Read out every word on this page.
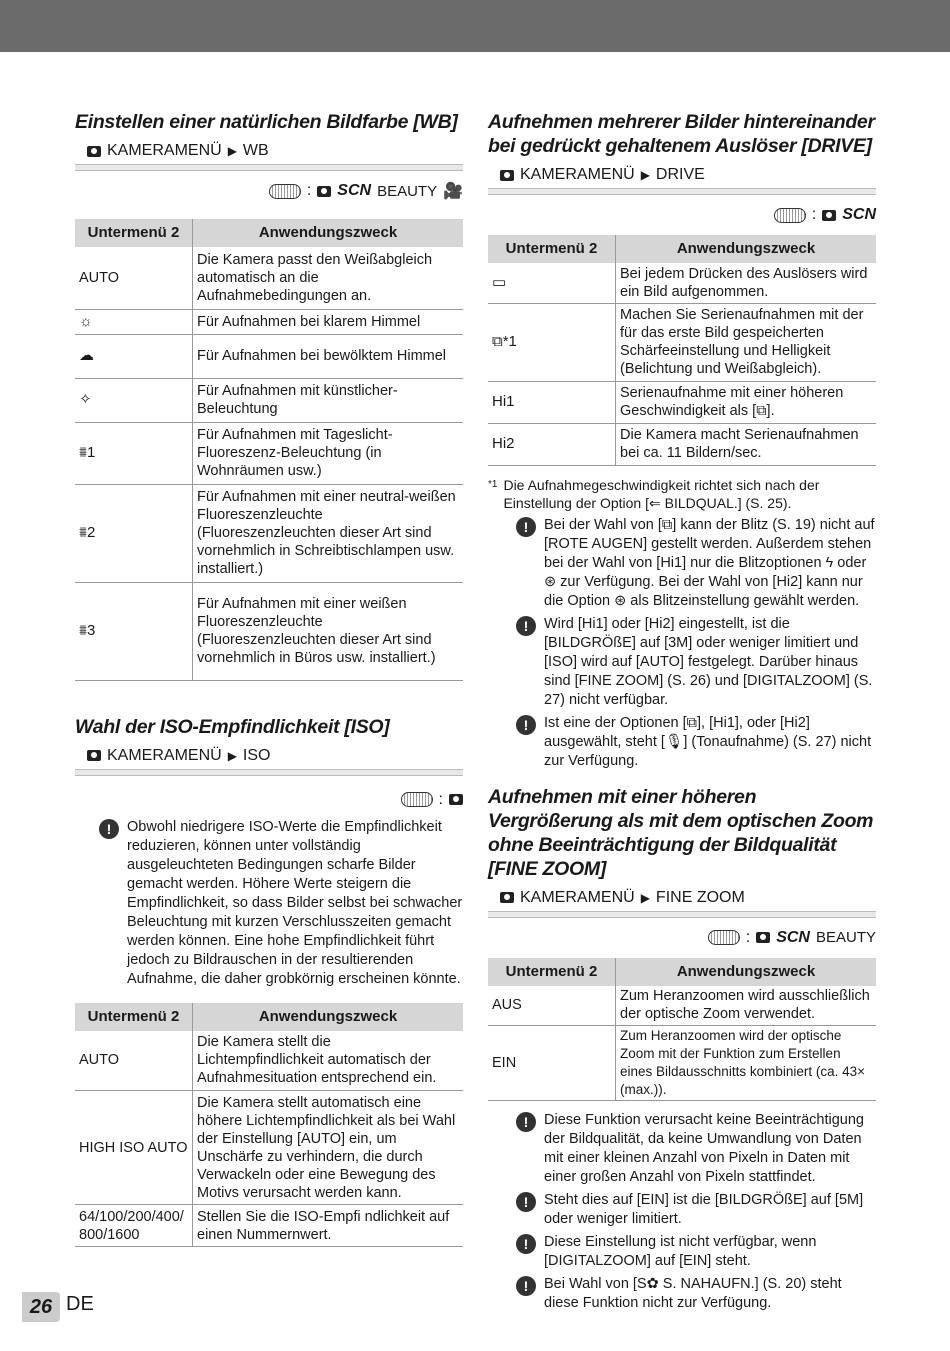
Einstellen einer natürlichen Bildfarbe [WB]
KAMERAMENÜ ▶ WB
: SCN BEAUTY 🎥
Untermenü 2	Anwendungszweck
AUTO	Die Kamera passt den Weißabgleich automatisch an die Aufnahmebedingungen an.
☼	Für Aufnahmen bei klarem Himmel
☁	Für Aufnahmen bei bewölktem Himmel
✧	Für Aufnahmen mit künstlicher-Beleuchtung
⩩1	Für Aufnahmen mit Tageslicht-Fluoreszenz-Beleuchtung (in Wohnräumen usw.)
⩩2	Für Aufnahmen mit einer neutral-weißen Fluoreszenzleuchte (Fluoreszenzleuchten dieser Art sind vornehmlich in Schreibtischlampen usw. installiert.)
⩩3	Für Aufnahmen mit einer weißen Fluoreszenzleuchte (Fluoreszenzleuchten dieser Art sind vornehmlich in Büros usw. installiert.)
Wahl der ISO-Empfindlichkeit [ISO]
KAMERAMENÜ ▶ ISO
:
!	Obwohl niedrigere ISO-Werte die Empfindlichkeit reduzieren, können unter vollständig ausgeleuchteten Bedingungen scharfe Bilder gemacht werden. Höhere Werte steigern die Empfindlichkeit, so dass Bilder selbst bei schwacher Beleuchtung mit kurzen Verschlusszeiten gemacht werden können. Eine hohe Empfindlichkeit führt jedoch zu Bildrauschen in der resultierenden Aufnahme, die daher grobkörnig erscheinen könnte.
Untermenü 2	Anwendungszweck
AUTO	Die Kamera stellt die Lichtempfindlichkeit automatisch der Aufnahmesituation entsprechend ein.
HIGH ISO AUTO	Die Kamera stellt automatisch eine höhere Lichtempfindlichkeit als bei Wahl der Einstellung [AUTO] ein, um Unschärfe zu verhindern, die durch Verwackeln oder eine Bewegung des Motivs verursacht werden kann.
64/100/200/400/ 800/1600	Stellen Sie die ISO-Empfi ndlichkeit auf einen Nummernwert.
Aufnehmen mehrerer Bilder hintereinander bei gedrückt gehaltenem Auslöser [DRIVE]
KAMERAMENÜ ▶ DRIVE
: SCN
Untermenü 2	Anwendungszweck
▭	Bei jedem Drücken des Auslösers wird ein Bild aufgenommen.
⧉*1	Machen Sie Serienaufnahmen mit der für das erste Bild gespeicherten Schärfeeinstellung und Helligkeit (Belichtung und Weißabgleich).
Hi1	Serienaufnahme mit einer höheren Geschwindigkeit als [⧉].
Hi2	Die Kamera macht Serienaufnahmen bei ca. 11 Bildern/sec.
*1 Die Aufnahmegeschwindigkeit richtet sich nach der Einstellung der Option [⇐ BILDQUAL.] (S. 25).
!	Bei der Wahl von [⧉] kann der Blitz (S. 19) nicht auf [ROTE AUGEN] gestellt werden. Außerdem stehen bei der Wahl von [Hi1] nur die Blitzoptionen ϟ oder ⊛ zur Verfügung. Bei der Wahl von [Hi2] kann nur die Option ⊛ als Blitzeinstellung gewählt werden.
!	Wird [Hi1] oder [Hi2] eingestellt, ist die [BILDGRÖßE] auf [3M] oder weniger limitiert und [ISO] wird auf [AUTO] festgelegt. Darüber hinaus sind [FINE ZOOM] (S. 26) und [DIGITALZOOM] (S. 27) nicht verfügbar.
!	Ist eine der Optionen [⧉], [Hi1], oder [Hi2] ausgewählt, steht [🎙] (Tonaufnahme) (S. 27) nicht zur Verfügung.
Aufnehmen mit einer höheren Vergrößerung als mit dem optischen Zoom ohne Beeinträchtigung der Bildqualität [FINE ZOOM]
KAMERAMENÜ ▶ FINE ZOOM
: SCN BEAUTY
Untermenü 2	Anwendungszweck
AUS	Zum Heranzoomen wird ausschließlich der optische Zoom verwendet.
EIN	Zum Heranzoomen wird der optische Zoom mit der Funktion zum Erstellen eines Bildausschnitts kombiniert (ca. 43× (max.)).
!	Diese Funktion verursacht keine Beeinträchtigung der Bildqualität, da keine Umwandlung von Daten mit einer kleinen Anzahl von Pixeln in Daten mit einer großen Anzahl von Pixeln stattfindet.
!	Steht dies auf [EIN] ist die [BILDGRÖßE] auf [5M] oder weniger limitiert.
!	Diese Einstellung ist nicht verfügbar, wenn [DIGITALZOOM] auf [EIN] steht.
!	Bei Wahl von [S✿ S. NAHAUFN.] (S. 20) steht diese Funktion nicht zur Verfügung.
26 DE
